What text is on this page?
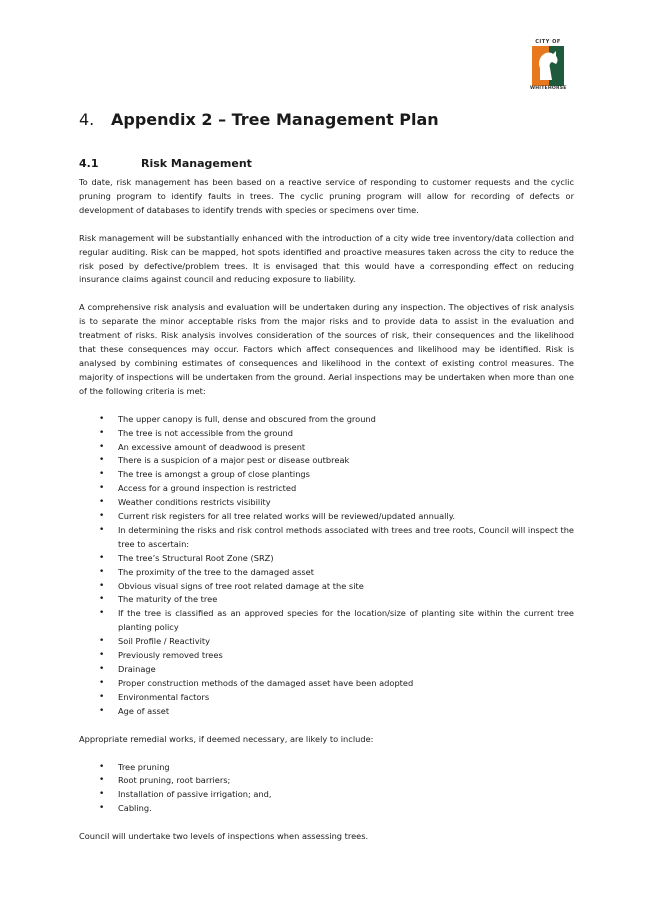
CITY OF
WHITEHORSE
4.	Appendix 2 – Tree Management Plan
4.1	Risk Management

To date, risk management has been based on a reactive service of responding to customer requests and the cyclic pruning program to identify faults in trees. The cyclic pruning program will allow for recording of defects or development of databases to identify trends with species or specimens over time.

Risk management will be substantially enhanced with the introduction of a city wide tree inventory/data collection and regular auditing. Risk can be mapped, hot spots identified and proactive measures taken across the city to reduce the risk posed by defective/problem trees. It is envisaged that this would have a corresponding effect on reducing insurance claims against council and reducing exposure to liability.

A comprehensive risk analysis and evaluation will be undertaken during any inspection. The objectives of risk analysis is to separate the minor acceptable risks from the major risks and to provide data to assist in the evaluation and treatment of risks. Risk analysis involves consideration of the sources of risk, their consequences and the likelihood that these consequences may occur. Factors which affect consequences and likelihood may be identified. Risk is analysed by combining estimates of consequences and likelihood in the context of existing control measures. The majority of inspections will be undertaken from the ground. Aerial inspections may be undertaken when more than one of the following criteria is met:

• The upper canopy is full, dense and obscured from the ground
• The tree is not accessible from the ground
• An excessive amount of deadwood is present
• There is a suspicion of a major pest or disease outbreak
• The tree is amongst a group of close plantings
• Access for a ground inspection is restricted
• Weather conditions restricts visibility
• Current risk registers for all tree related works will be reviewed/updated annually.
• In determining the risks and risk control methods associated with trees and tree roots, Council will inspect the tree to ascertain:
• The tree’s Structural Root Zone (SRZ)
• The proximity of the tree to the damaged asset
• Obvious visual signs of tree root related damage at the site
• The maturity of the tree
• If the tree is classified as an approved species for the location/size of planting site within the current tree planting policy
• Soil Profile / Reactivity
• Previously removed trees
• Drainage
• Proper construction methods of the damaged asset have been adopted
• Environmental factors
• Age of asset

Appropriate remedial works, if deemed necessary, are likely to include:

• Tree pruning
• Root pruning, root barriers;
• Installation of passive irrigation; and,
• Cabling.

Council will undertake two levels of inspections when assessing trees.
